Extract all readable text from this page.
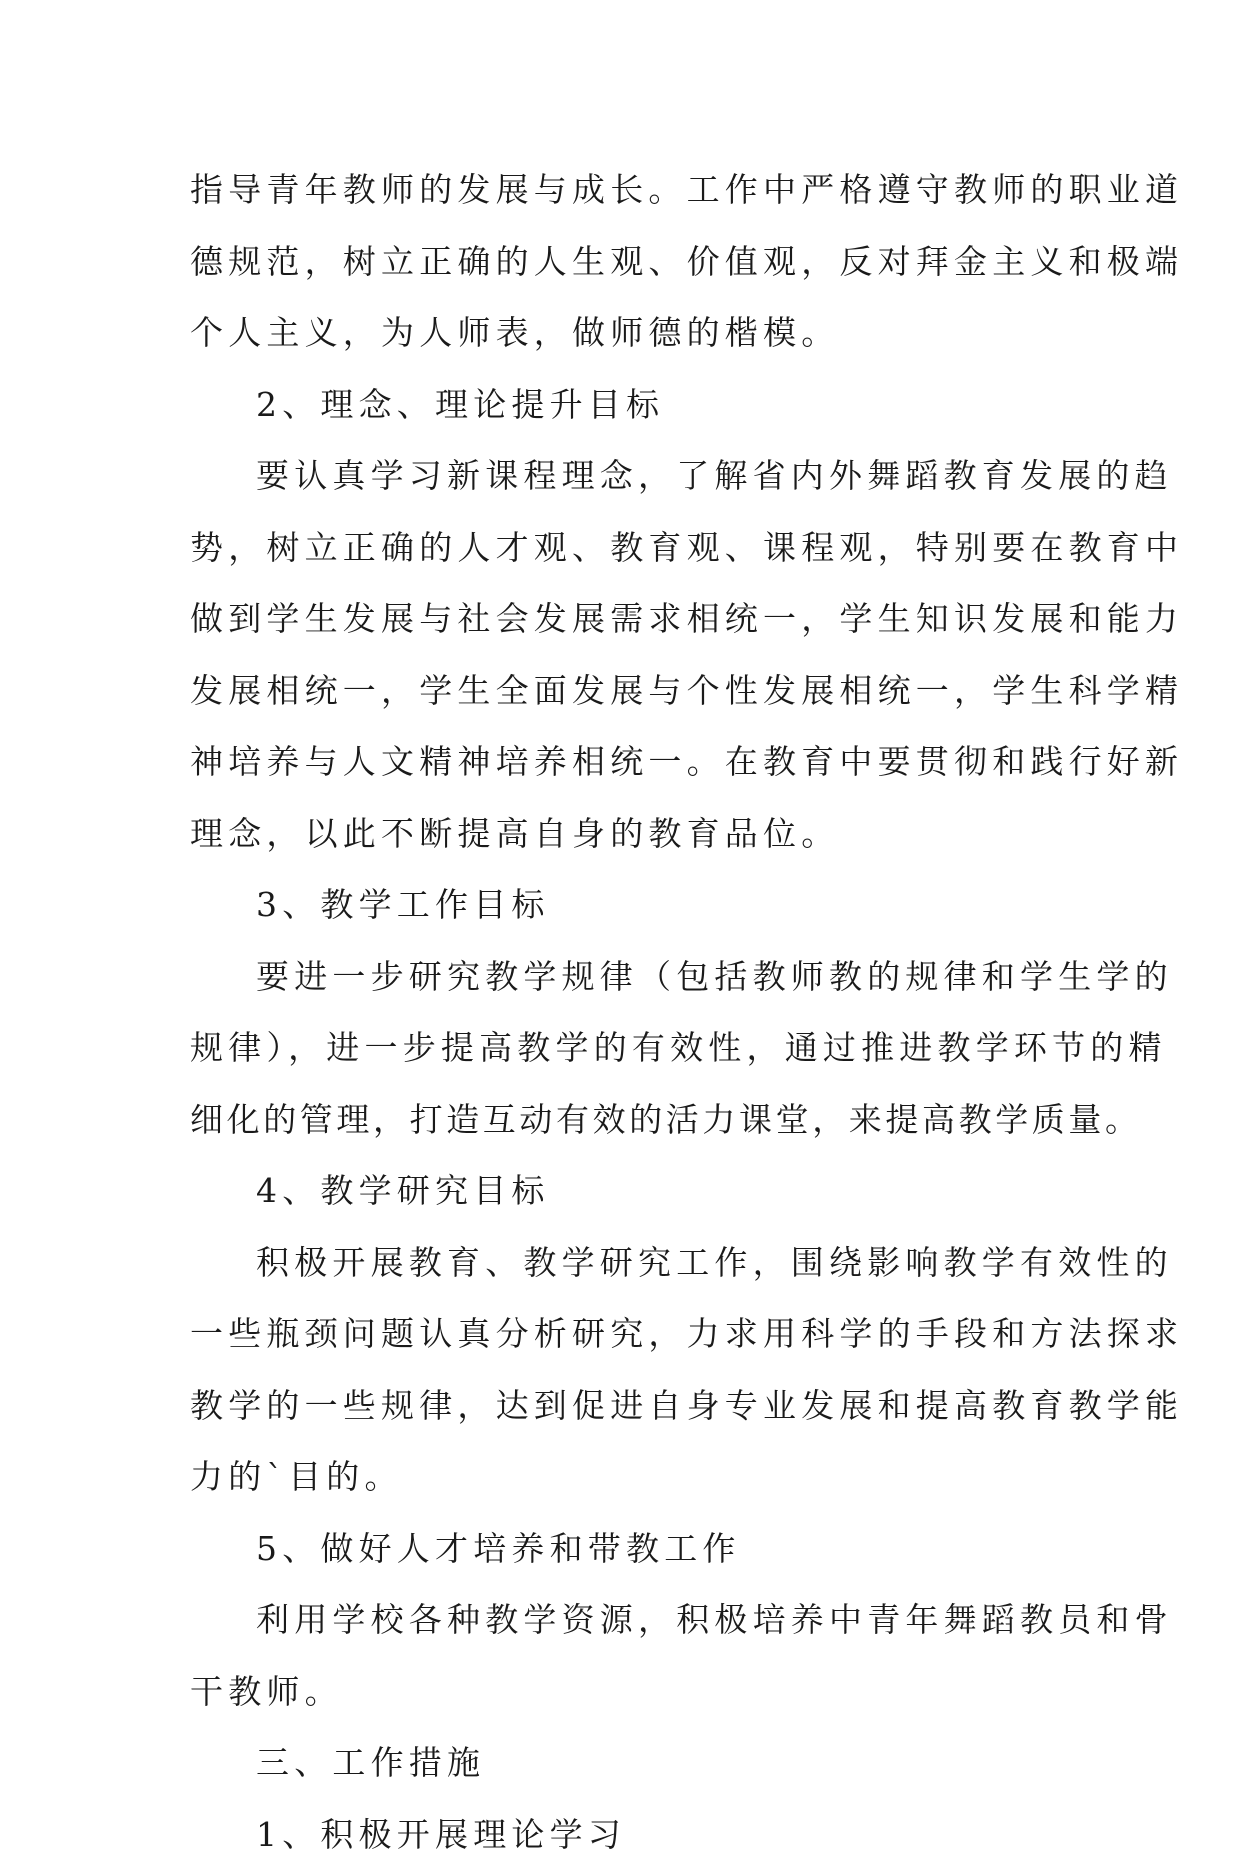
指导青年教师的发展与成长。工作中严格遵守教师的职业道
德规范，树立正确的人生观、价值观，反对拜金主义和极端
个人主义，为人师表，做师德的楷模。
2、理念、理论提升目标
要认真学习新课程理念，了解省内外舞蹈教育发展的趋
势，树立正确的人才观、教育观、课程观，特别要在教育中
做到学生发展与社会发展需求相统一，学生知识发展和能力
发展相统一，学生全面发展与个性发展相统一，学生科学精
神培养与人文精神培养相统一。在教育中要贯彻和践行好新
理念，以此不断提高自身的教育品位。
3、教学工作目标
要进一步研究教学规律（包括教师教的规律和学生学的
规律），进一步提高教学的有效性，通过推进教学环节的精
细化的管理，打造互动有效的活力课堂，来提高教学质量。
4、教学研究目标
积极开展教育、教学研究工作，围绕影响教学有效性的
一些瓶颈问题认真分析研究，力求用科学的手段和方法探求
教学的一些规律，达到促进自身专业发展和提高教育教学能
力的`目的。
5、做好人才培养和带教工作
利用学校各种教学资源，积极培养中青年舞蹈教员和骨
干教师。
三、工作措施
1、积极开展理论学习
